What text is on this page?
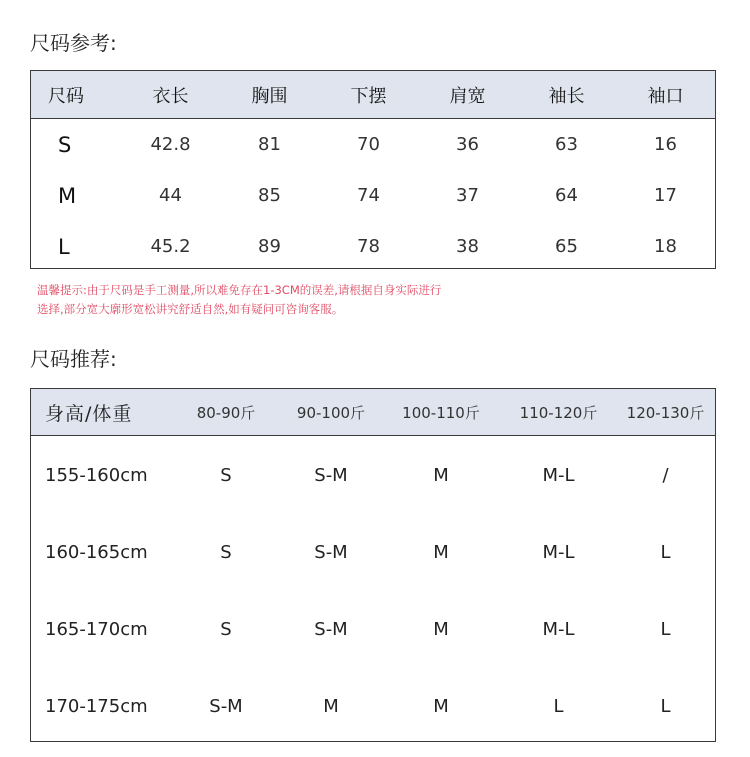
尺码参考:
尺码	衣长	胸围	下摆	肩宽	袖长	袖口
S	42.8	81	70	36	63	16
M	44	85	74	37	64	17
L	45.2	89	78	38	65	18
温馨提示:由于尺码是手工测量,所以难免存在1-3CM的误差,请根据自身实际进行
选择,部分宽大廓形宽松讲究舒适自然,如有疑问可咨询客服。
尺码推荐:
身高/体重	80-90斤	90-100斤	100-110斤	110-120斤	120-130斤
155-160cm	S	S-M	M	M-L	/
160-165cm	S	S-M	M	M-L	L
165-170cm	S	S-M	M	M-L	L
170-175cm	S-M	M	M	L	L
